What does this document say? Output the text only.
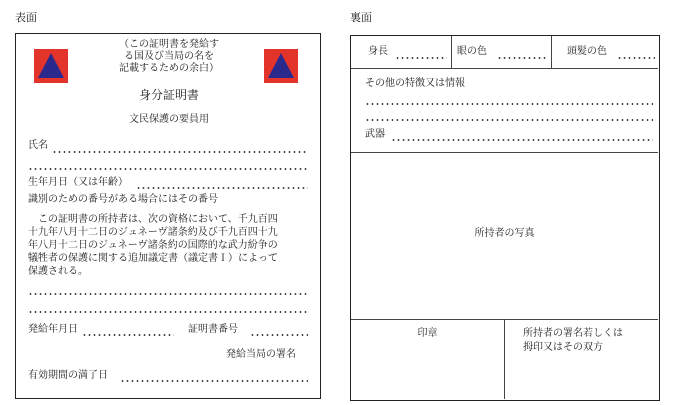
表面	裏面
（この証明書を発給す
る国及び当局の名を
記載するための余白）
身分証明書
文民保護の要員用
氏名
生年月日（又は年齢）
識別のための番号がある場合にはその番号
　この証明書の所持者は、次の資格において、千九百四
十九年八月十二日のジュネーヴ諸条約及び千九百四十九
年八月十二日のジュネーヴ諸条約の国際的な武力紛争の
犠牲者の保護に関する追加議定書（議定書Ｉ）によって
保護される。
発給年月日	証明書番号
発給当局の署名
有効期間の満了日
身長	眼の色	頭髪の色
その他の特徴又は情報
武器
所持者の写真
印章	所持者の署名若しくは
拇印又はその双方
